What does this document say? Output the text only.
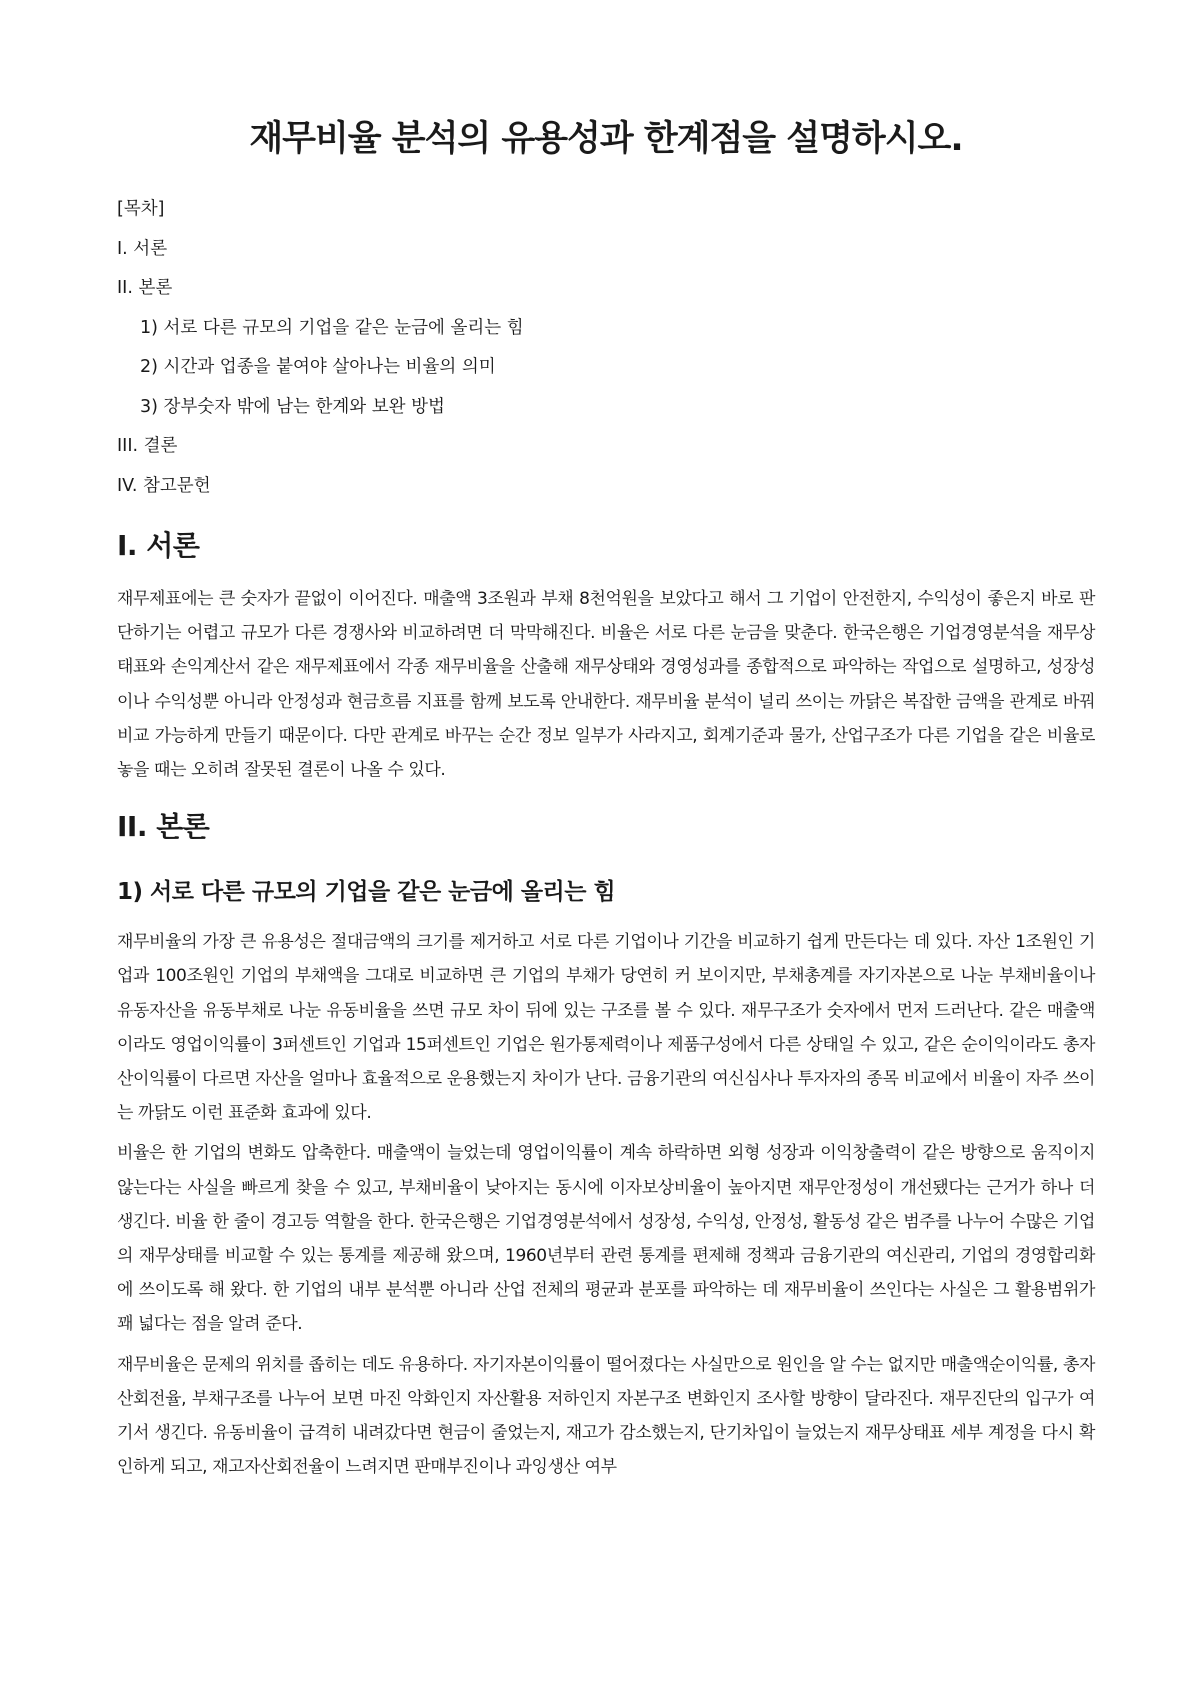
재무비율 분석의 유용성과 한계점을 설명하시오.
[목차]
I. 서론
II. 본론
1) 서로 다른 규모의 기업을 같은 눈금에 올리는 힘
2) 시간과 업종을 붙여야 살아나는 비율의 의미
3) 장부숫자 밖에 남는 한계와 보완 방법
III. 결론
IV. 참고문헌
I. 서론

재무제표에는 큰 숫자가 끝없이 이어진다. 매출액 3조원과 부채 8천억원을 보았다고 해서 그 기업이 안전한지, 수익성이 좋은지 바로 판단하기는 어렵고 규모가 다른 경쟁사와 비교하려면 더 막막해진다. 비율은 서로 다른 눈금을 맞춘다. 한국은행은 기업경영분석을 재무상태표와 손익계산서 같은 재무제표에서 각종 재무비율을 산출해 재무상태와 경영성과를 종합적으로 파악하는 작업으로 설명하고, 성장성이나 수익성뿐 아니라 안정성과 현금흐름 지표를 함께 보도록 안내한다. 재무비율 분석이 널리 쓰이는 까닭은 복잡한 금액을 관계로 바꿔 비교 가능하게 만들기 때문이다. 다만 관계로 바꾸는 순간 정보 일부가 사라지고, 회계기준과 물가, 산업구조가 다른 기업을 같은 비율로 놓을 때는 오히려 잘못된 결론이 나올 수 있다.

II. 본론
1) 서로 다른 규모의 기업을 같은 눈금에 올리는 힘

재무비율의 가장 큰 유용성은 절대금액의 크기를 제거하고 서로 다른 기업이나 기간을 비교하기 쉽게 만든다는 데 있다. 자산 1조원인 기업과 100조원인 기업의 부채액을 그대로 비교하면 큰 기업의 부채가 당연히 커 보이지만, 부채총계를 자기자본으로 나눈 부채비율이나 유동자산을 유동부채로 나눈 유동비율을 쓰면 규모 차이 뒤에 있는 구조를 볼 수 있다. 재무구조가 숫자에서 먼저 드러난다. 같은 매출액이라도 영업이익률이 3퍼센트인 기업과 15퍼센트인 기업은 원가통제력이나 제품구성에서 다른 상태일 수 있고, 같은 순이익이라도 총자산이익률이 다르면 자산을 얼마나 효율적으로 운용했는지 차이가 난다. 금융기관의 여신심사나 투자자의 종목 비교에서 비율이 자주 쓰이는 까닭도 이런 표준화 효과에 있다.

비율은 한 기업의 변화도 압축한다. 매출액이 늘었는데 영업이익률이 계속 하락하면 외형 성장과 이익창출력이 같은 방향으로 움직이지 않는다는 사실을 빠르게 찾을 수 있고, 부채비율이 낮아지는 동시에 이자보상비율이 높아지면 재무안정성이 개선됐다는 근거가 하나 더 생긴다. 비율 한 줄이 경고등 역할을 한다. 한국은행은 기업경영분석에서 성장성, 수익성, 안정성, 활동성 같은 범주를 나누어 수많은 기업의 재무상태를 비교할 수 있는 통계를 제공해 왔으며, 1960년부터 관련 통계를 편제해 정책과 금융기관의 여신관리, 기업의 경영합리화에 쓰이도록 해 왔다. 한 기업의 내부 분석뿐 아니라 산업 전체의 평균과 분포를 파악하는 데 재무비율이 쓰인다는 사실은 그 활용범위가 꽤 넓다는 점을 알려 준다.

재무비율은 문제의 위치를 좁히는 데도 유용하다. 자기자본이익률이 떨어졌다는 사실만으로 원인을 알 수는 없지만 매출액순이익률, 총자산회전율, 부채구조를 나누어 보면 마진 악화인지 자산활용 저하인지 자본구조 변화인지 조사할 방향이 달라진다. 재무진단의 입구가 여기서 생긴다. 유동비율이 급격히 내려갔다면 현금이 줄었는지, 재고가 감소했는지, 단기차입이 늘었는지 재무상태표 세부 계정을 다시 확인하게 되고, 재고자산회전율이 느려지면 판매부진이나 과잉생산 여부
